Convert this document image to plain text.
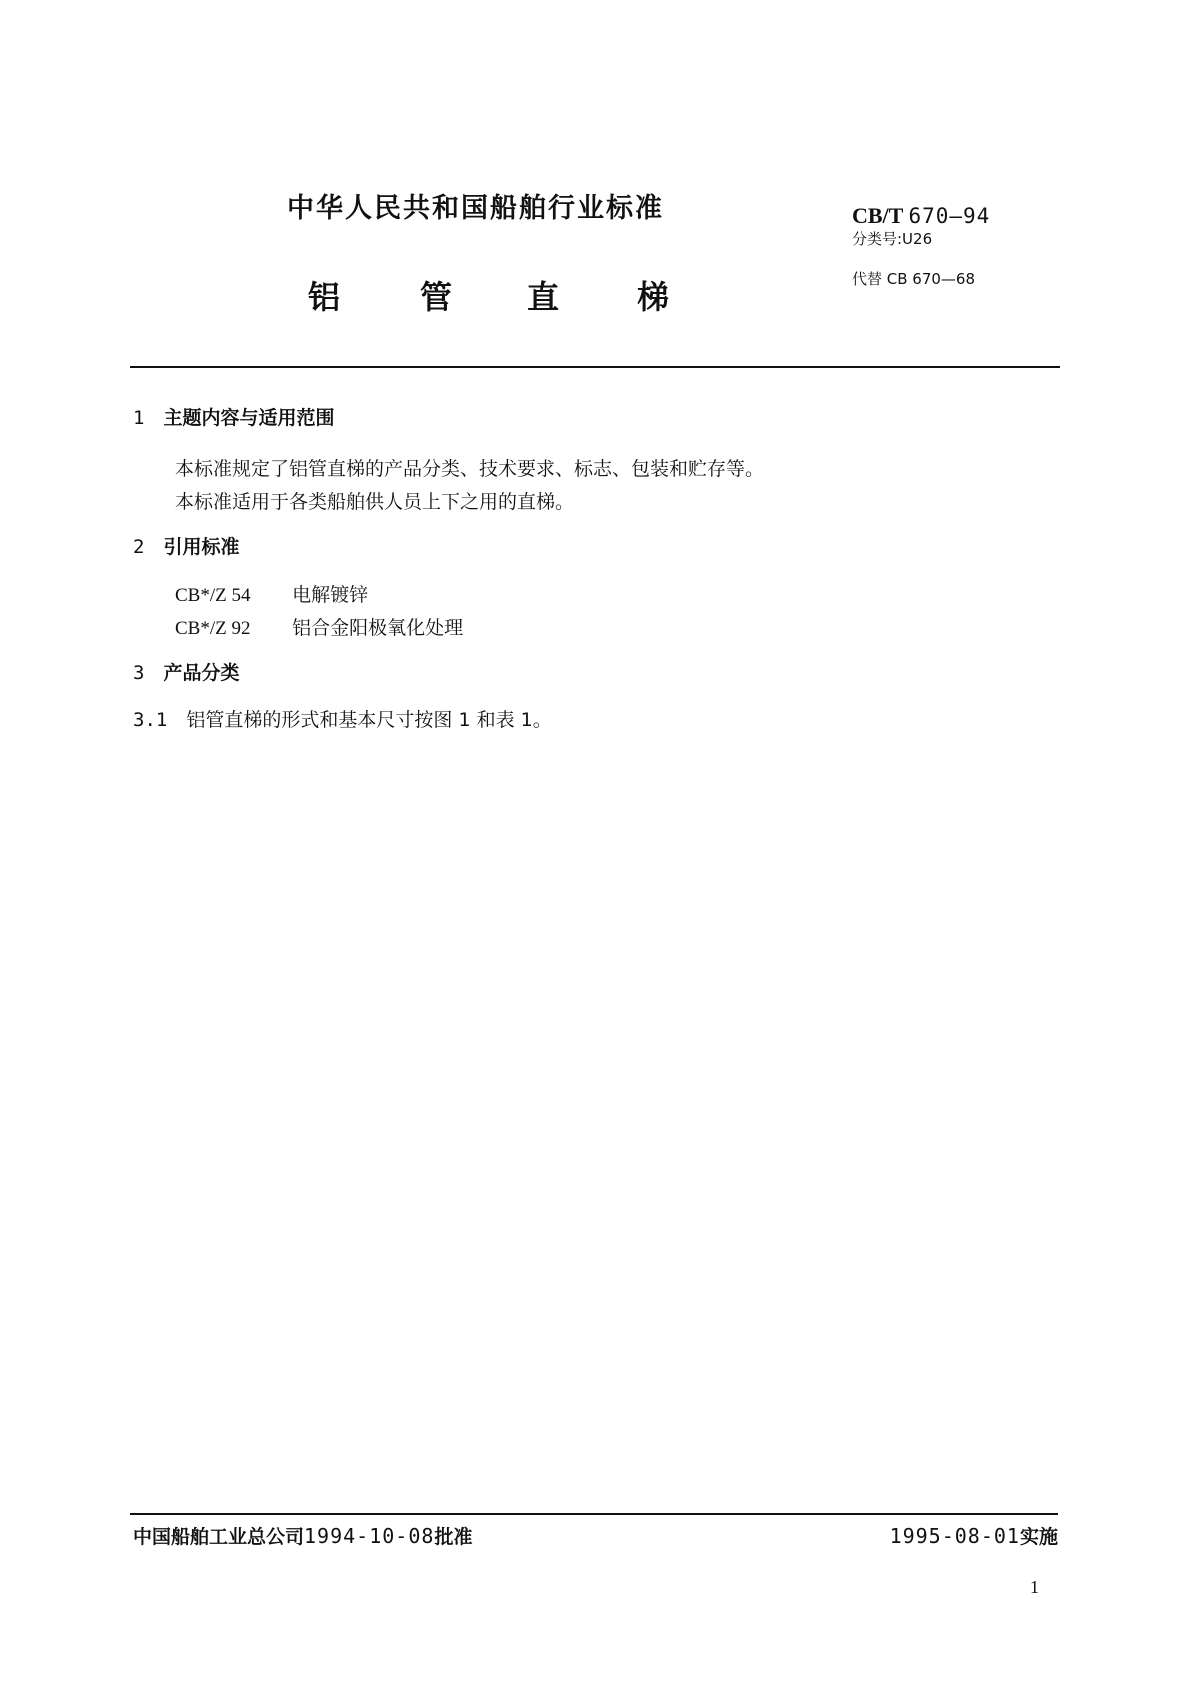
中华人民共和国船舶行业标准
铝 管 直 梯
CB/T 670—94
分类号:U26
代替 CB 670—68
1 主题内容与适用范围
本标准规定了铝管直梯的产品分类、技术要求、标志、包装和贮存等。
本标准适用于各类船舶供人员上下之用的直梯。
2 引用标准
CB*/Z 54 电解镀锌
CB*/Z 92 铝合金阳极氧化处理
3 产品分类
3.1 铝管直梯的形式和基本尺寸按图 1 和表 1。
中国船舶工业总公司1994-10-08批准	1995-08-01实施
1
